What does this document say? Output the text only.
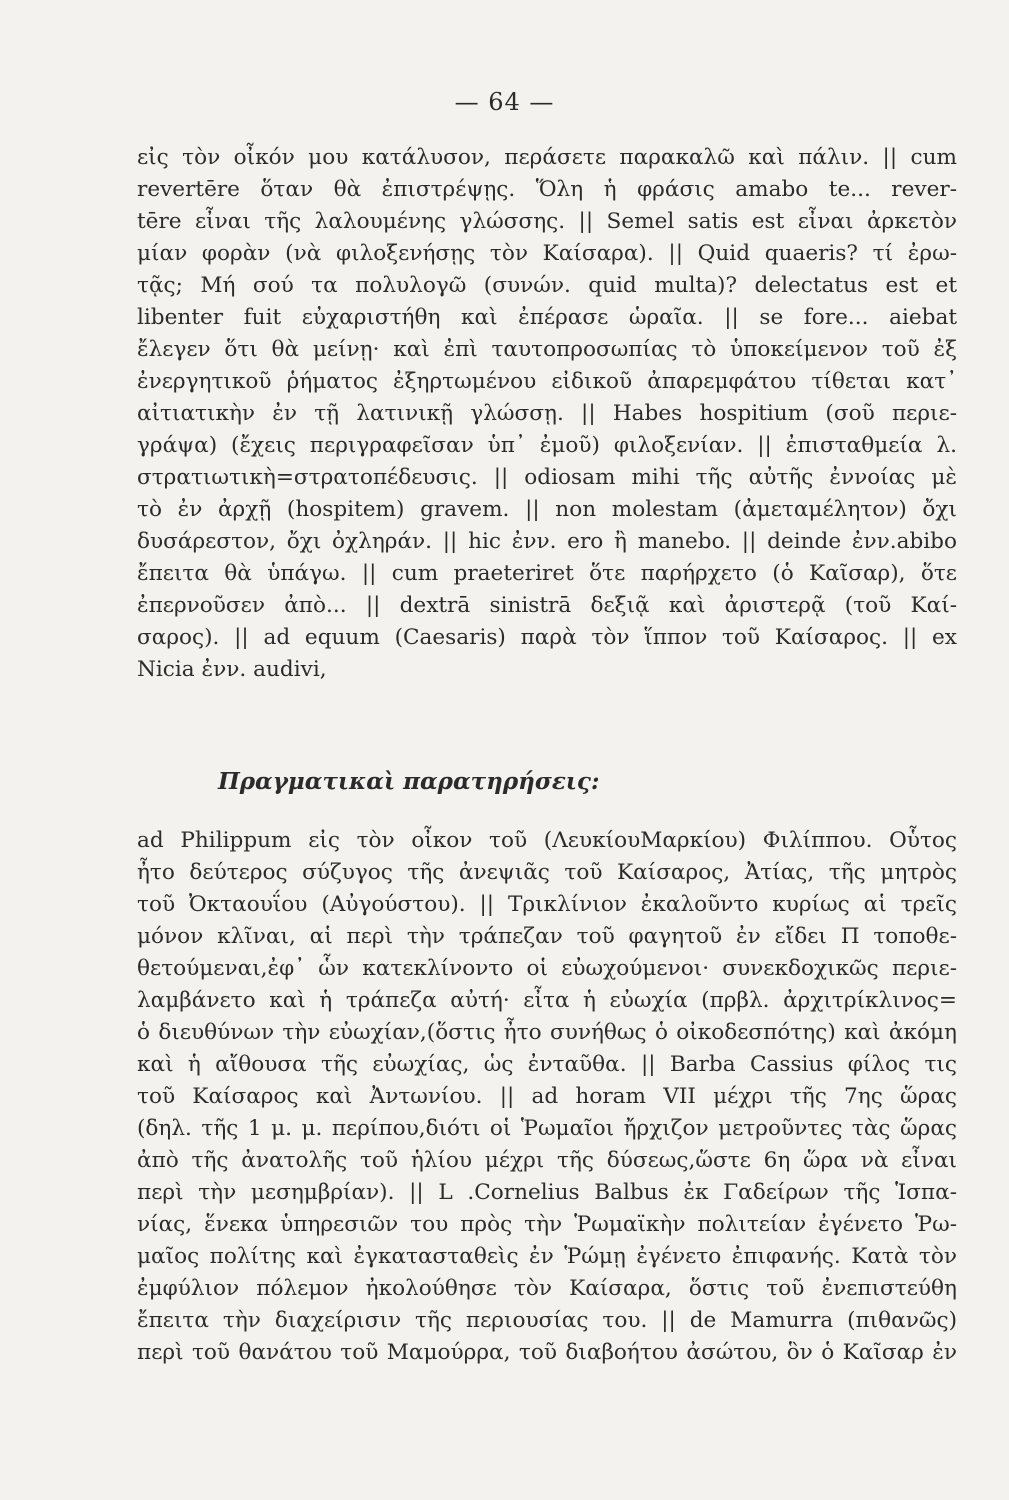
— 64 —
εἰς τὸν οἶκόν μου κατάλυσον, περάσετε παρακαλῶ καὶ πάλιν. || cum
revertēre ὅταν θὰ ἐπιστρέψῃς. Ὅλη ἡ φράσις amabo te... rever-
tēre εἶναι τῆς λαλουμένης γλώσσης. || Semel satis est εἶναι ἀρκετὸν
μίαν φορὰν (νὰ φιλοξενήσῃς τὸν Καίσαρα). || Quid quaeris? τί ἐρω-
τᾷς; Μή σού τα πολυλογῶ (συνών. quid multa)? delectatus est et
libenter fuit εὐχαριστήθη καὶ ἐπέρασε ὡραῖα. || se fore... aiebat
ἔλεγεν ὅτι θὰ μείνῃ· καὶ ἐπὶ ταυτοπροσωπίας τὸ ὑποκείμενον τοῦ ἐξ
ἐνεργητικοῦ ῥήματος ἐξηρτωμένου εἰδικοῦ ἀπαρεμφάτου τίθεται κατ᾿
αἰτιατικὴν ἐν τῇ λατινικῇ γλώσσῃ. || Habes hospitium (σοῦ περιε-
γράψα) (ἔχεις περιγραφεῖσαν ὑπ᾿ ἐμοῦ) φιλοξενίαν. || ἐπισταθμεία λ.
στρατιωτικὴ=στρατοπέδευσις. || odiosam mihi τῆς αὐτῆς ἐννοίας μὲ
τὸ ἐν ἀρχῇ (hospitem) gravem. || non molestam (ἀμεταμέλητον) ὄχι
δυσάρεστον, ὄχι ὀχληράν. || hic ἐνν. ero ἢ manebo. || deinde ἐνν.abibo
ἔπειτα θὰ ὑπάγω. || cum praeteriret ὅτε παρήρχετο (ὁ Καῖσαρ), ὅτε
ἐπερνοῦσεν ἀπὸ... || dextrā sinistrā δεξιᾷ καὶ ἀριστερᾷ (τοῦ Καί-
σαρος). || ad equum (Caesaris) παρὰ τὸν ἵππον τοῦ Καίσαρος. || ex
Nicia ἐνν. audivi,
Πραγματικαὶ παρατηρήσεις:
ad Philippum εἰς τὸν οἶκον τοῦ (ΛευκίουΜαρκίου) Φιλίππου. Οὗτος
ἦτο δεύτερος σύζυγος τῆς ἀνεψιᾶς τοῦ Καίσαρος, Ἀτίας, τῆς μητρὸς
τοῦ Ὀκταουΐου (Αὐγούστου). || Τρικλίνιον ἐκαλοῦντο κυρίως αἱ τρεῖς
μόνον κλῖναι, αἱ περὶ τὴν τράπεζαν τοῦ φαγητοῦ ἐν εἴδει Π τοποθε-
θετούμεναι,ἐφ᾿ ὧν κατεκλίνοντο οἱ εὐωχούμενοι· συνεκδοχικῶς περιε-
λαμβάνετο καὶ ἡ τράπεζα αὐτή· εἶτα ἡ εὐωχία (πρβλ. ἀρχιτρίκλινος=
ὁ διευθύνων τὴν εὐωχίαν,(ὅστις ἦτο συνήθως ὁ οἰκοδεσπότης) καὶ ἀκόμη
καὶ ἡ αἴθουσα τῆς εὐωχίας, ὡς ἐνταῦθα. || Barba Cassius φίλος τις
τοῦ Καίσαρος καὶ Ἀντωνίου. || ad horam VII μέχρι τῆς 7ης ὥρας
(δηλ. τῆς 1 μ. μ. περίπου,διότι οἱ Ῥωμαῖοι ἤρχιζον μετροῦντες τὰς ὥρας
ἀπὸ τῆς ἀνατολῆς τοῦ ἡλίου μέχρι τῆς δύσεως,ὥστε 6η ὥρα νὰ εἶναι
περὶ τὴν μεσημβρίαν). || L .Cornelius Balbus ἐκ Γαδείρων τῆς Ἱσπα-
νίας, ἕνεκα ὑπηρεσιῶν του πρὸς τὴν Ῥωμαϊκὴν πολιτείαν ἐγένετο Ῥω-
μαῖος πολίτης καὶ ἐγκατασταθεὶς ἐν Ῥώμῃ ἐγένετο ἐπιφανής. Κατὰ τὸν
ἐμφύλιον πόλεμον ἠκολούθησε τὸν Καίσαρα, ὅστις τοῦ ἐνεπιστεύθη
ἔπειτα τὴν διαχείρισιν τῆς περιουσίας του. || de Mamurra (πιθανῶς)
περὶ τοῦ θανάτου τοῦ Μαμούρρα, τοῦ διαβοήτου ἀσώτου, ὃν ὁ Καῖσαρ ἐν
